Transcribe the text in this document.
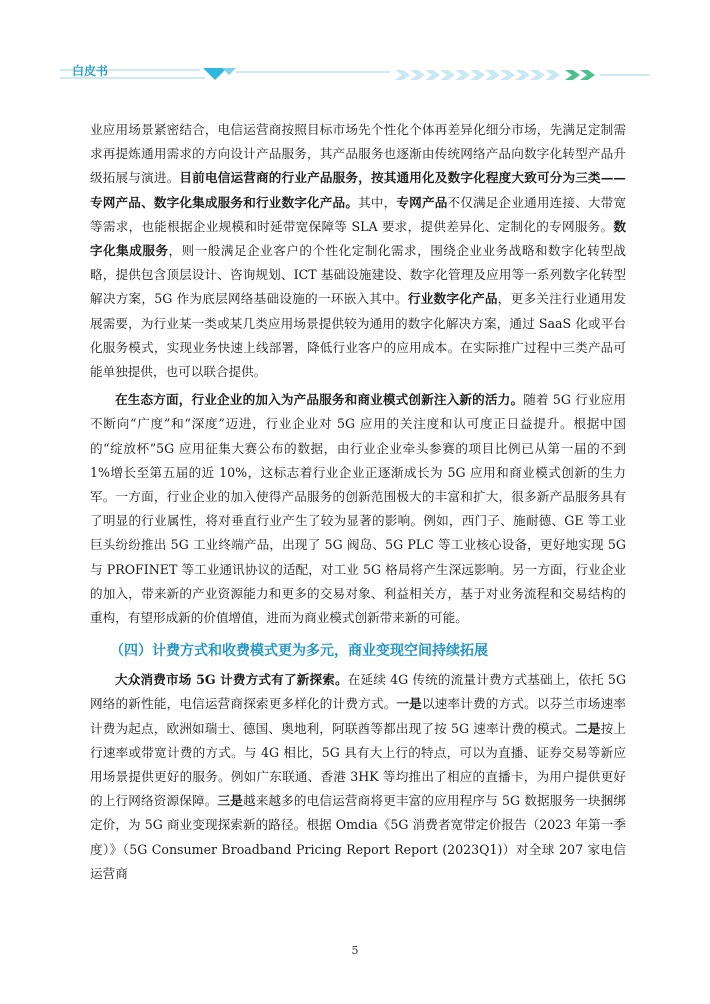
白皮书

业应用场景紧密结合，电信运营商按照目标市场先个性化个体再差异化细分市场，先满足定制需求再提炼通用需求的方向设计产品服务，其产品服务也逐渐由传统网络产品向数字化转型产品升级拓展与演进。目前电信运营商的行业产品服务，按其通用化及数字化程度大致可分为三类——专网产品、数字化集成服务和行业数字化产品。其中，专网产品不仅满足企业通用连接、大带宽等需求，也能根据企业规模和时延带宽保障等 SLA 要求，提供差异化、定制化的专网服务。数字化集成服务，则一般满足企业客户的个性化定制化需求，围绕企业业务战略和数字化转型战略，提供包含顶层设计、咨询规划、ICT 基础设施建设、数字化管理及应用等一系列数字化转型解决方案，5G 作为底层网络基础设施的一环嵌入其中。行业数字化产品，更多关注行业通用发展需要，为行业某一类或某几类应用场景提供较为通用的数字化解决方案，通过 SaaS 化或平台化服务模式，实现业务快速上线部署，降低行业客户的应用成本。在实际推广过程中三类产品可能单独提供，也可以联合提供。

在生态方面，行业企业的加入为产品服务和商业模式创新注入新的活力。随着 5G 行业应用不断向“广度”和“深度”迈进，行业企业对 5G 应用的关注度和认可度正日益提升。根据中国的“绽放杯”5G 应用征集大赛公布的数据，由行业企业牵头参赛的项目比例已从第一届的不到 1%增长至第五届的近 10%，这标志着行业企业正逐渐成长为 5G 应用和商业模式创新的生力军。一方面，行业企业的加入使得产品服务的创新范围极大的丰富和扩大，很多新产品服务具有了明显的行业属性，将对垂直行业产生了较为显著的影响。例如，西门子、施耐德、GE 等工业巨头纷纷推出 5G 工业终端产品，出现了 5G 阀岛、5G PLC 等工业核心设备，更好地实现 5G 与 PROFINET 等工业通讯协议的适配，对工业 5G 格局将产生深远影响。另一方面，行业企业的加入，带来新的产业资源能力和更多的交易对象、利益相关方，基于对业务流程和交易结构的重构，有望形成新的价值增值，进而为商业模式创新带来新的可能。

（四）计费方式和收费模式更为多元，商业变现空间持续拓展

大众消费市场 5G 计费方式有了新探索。在延续 4G 传统的流量计费方式基础上，依托 5G 网络的新性能，电信运营商探索更多样化的计费方式。一是以速率计费的方式。以芬兰市场速率计费为起点，欧洲如瑞士、德国、奥地利，阿联酋等都出现了按 5G 速率计费的模式。二是按上行速率或带宽计费的方式。与 4G 相比，5G 具有大上行的特点，可以为直播、证券交易等新应用场景提供更好的服务。例如广东联通、香港 3HK 等均推出了相应的直播卡，为用户提供更好的上行网络资源保障。三是越来越多的电信运营商将更丰富的应用程序与 5G 数据服务一块捆绑定价，为 5G 商业变现探索新的路径。根据 Omdia《5G 消费者宽带定价报告（2023 年第一季度）》（5G Consumer Broadband Pricing Report Report (2023Q1)）对全球 207 家电信运营商

5
